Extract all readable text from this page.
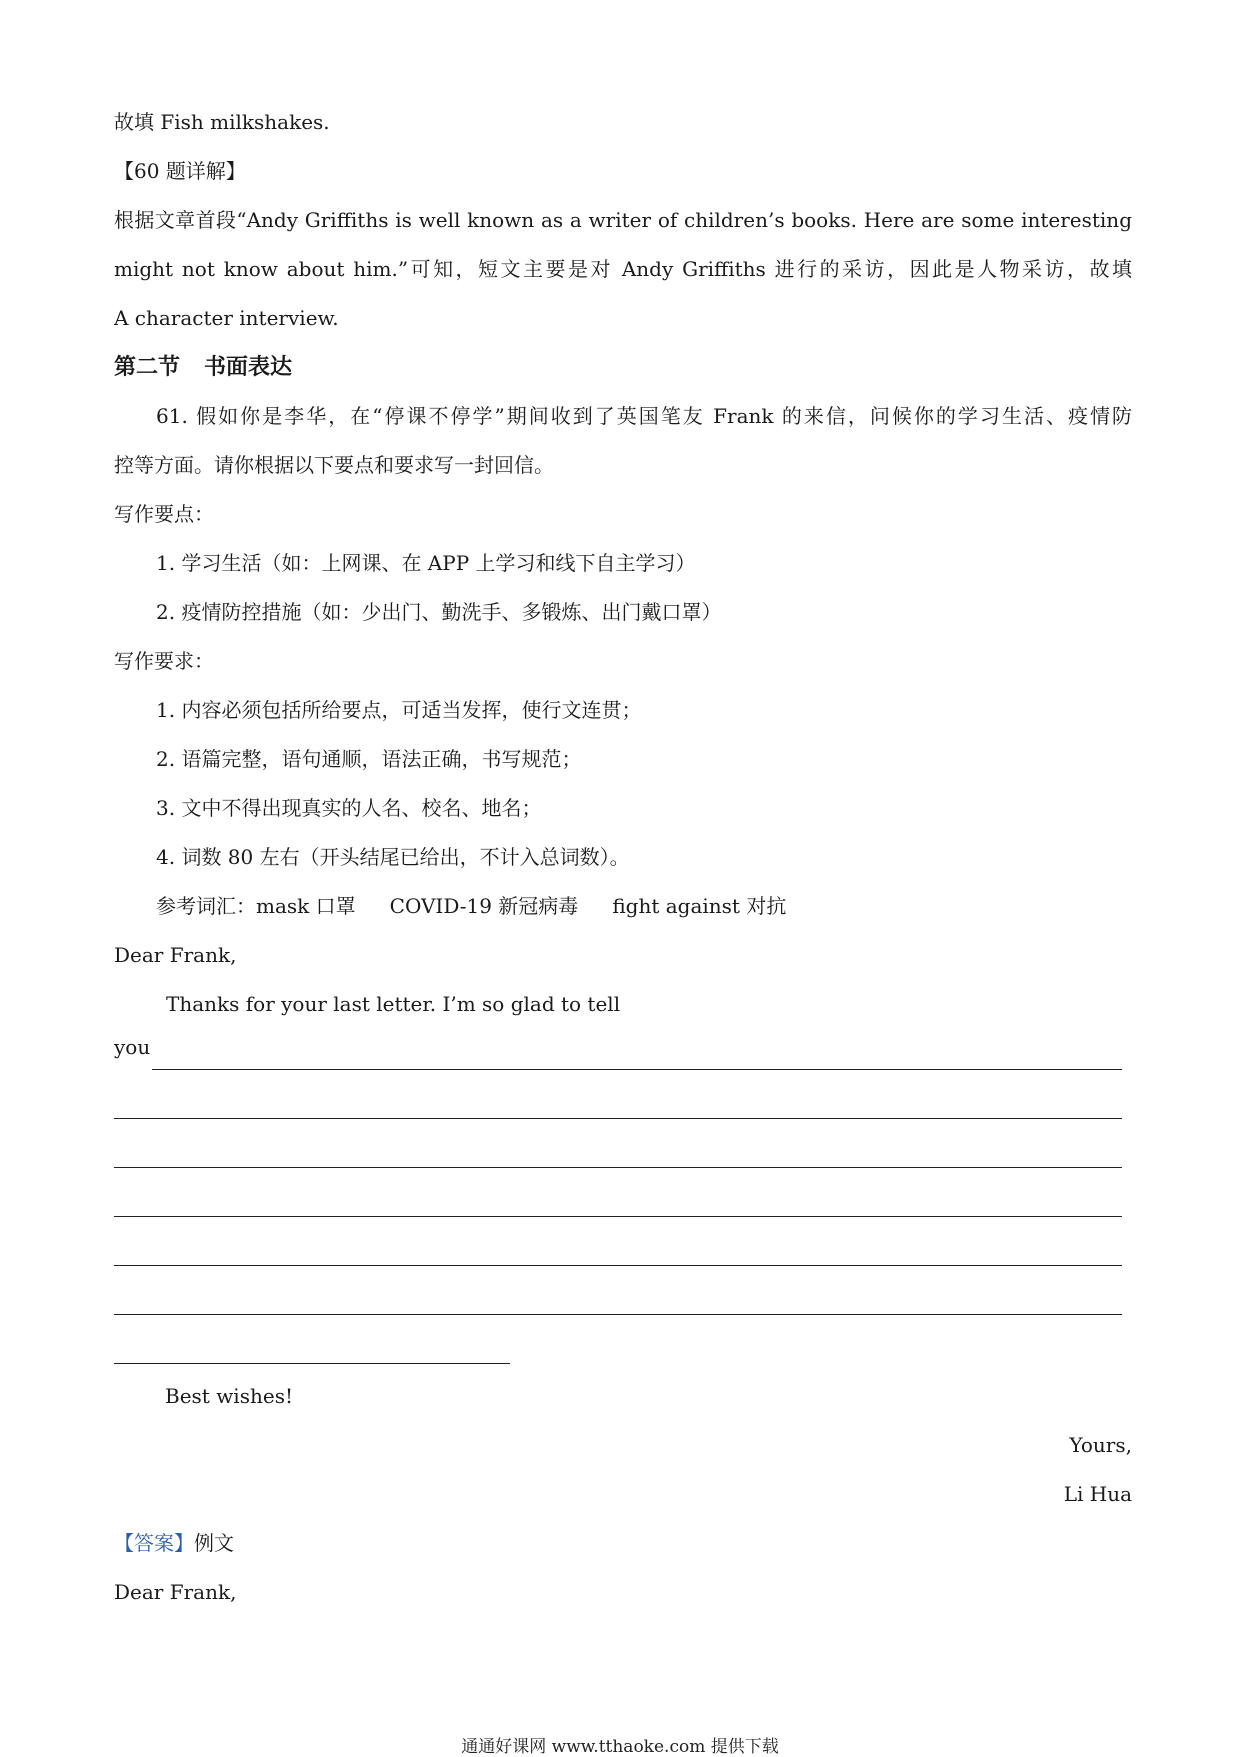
故填 Fish milkshakes.
【60 题详解】
根据文章首段“Andy Griffiths is well known as a writer of children’s books. Here are some interesting
might not know about him.”可知，短文主要是对 Andy Griffiths 进行的采访，因此是人物采访，故填
A character interview.
第二节 书面表达
61. 假如你是李华，在“停课不停学”期间收到了英国笔友 Frank 的来信，问候你的学习生活、疫情防
控等方面。请你根据以下要点和要求写一封回信。
写作要点：
1. 学习生活（如：上网课、在 APP 上学习和线下自主学习）
2. 疫情防控措施（如：少出门、勤洗手、多锻炼、出门戴口罩）
写作要求：
1. 内容必须包括所给要点，可适当发挥，使行文连贯；
2. 语篇完整，语句通顺，语法正确，书写规范；
3. 文中不得出现真实的人名、校名、地名；
4. 词数 80 左右（开头结尾已给出，不计入总词数）。
参考词汇：mask 口罩 COVID-19 新冠病毒 fight against 对抗
Dear Frank,
Thanks for your last letter. I’m so glad to tell
you
Best wishes!
Yours,
Li Hua
【答案】例文
Dear Frank,
通通好课网 www.tthaoke.com 提供下载
